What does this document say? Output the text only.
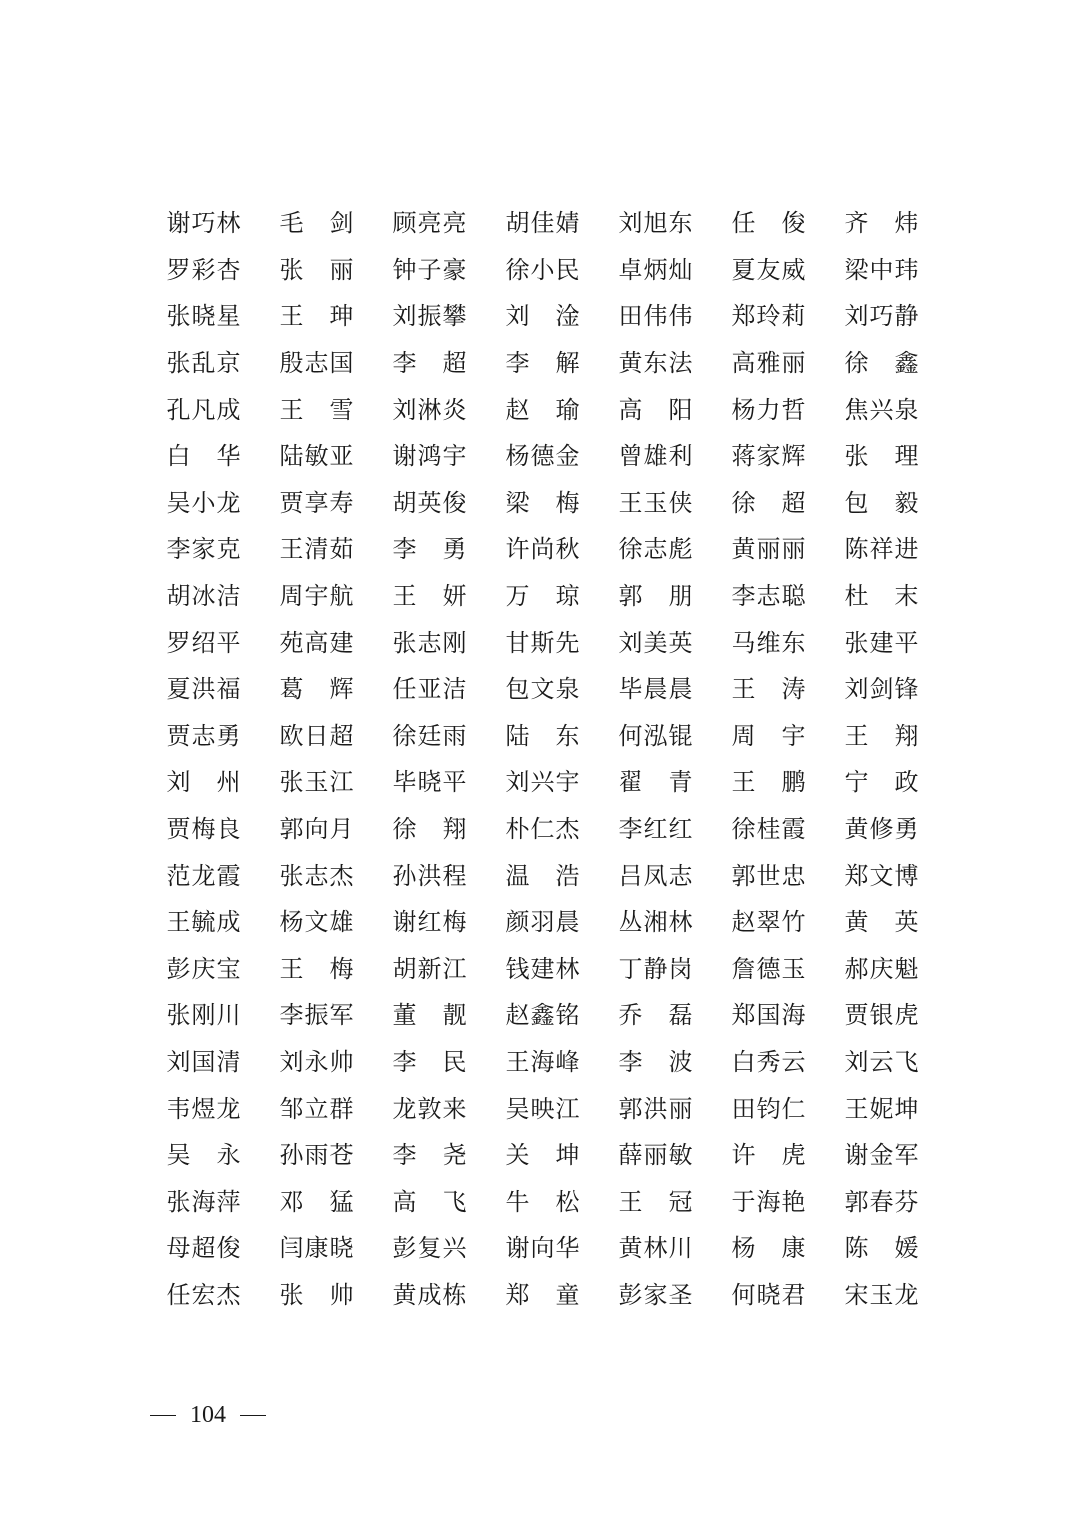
谢 巧 林 毛 剑 顾 亮 亮 胡 佳 婧 刘 旭 东 任 俊 齐 炜
罗 彩 杏 张 丽 钟 子 豪 徐 小 民 卓 炳 灿 夏 友 威 梁 中 玮
张 晓 星 王 珅 刘 振 攀 刘 淦 田 伟 伟 郑 玲 莉 刘 巧 静
张 乱 京 殷 志 国 李 超 李 解 黄 东 法 高 雅 丽 徐 鑫
孔 凡 成 王 雪 刘 淋 炎 赵 瑜 高 阳 杨 力 哲 焦 兴 泉
白 华 陆 敏 亚 谢 鸿 宇 杨 德 金 曾 雄 利 蒋 家 辉 张 理
吴 小 龙 贾 享 寿 胡 英 俊 梁 梅 王 玉 侠 徐 超 包 毅
李 家 克 王 清 茹 李 勇 许 尚 秋 徐 志 彪 黄 丽 丽 陈 祥 进
胡 冰 洁 周 宇 航 王 妍 万 琼 郭 朋 李 志 聪 杜 末
罗 绍 平 苑 高 建 张 志 刚 甘 斯 先 刘 美 英 马 维 东 张 建 平
夏 洪 福 葛 辉 任 亚 洁 包 文 泉 毕 晨 晨 王 涛 刘 剑 锋
贾 志 勇 欧 日 超 徐 廷 雨 陆 东 何 泓 锟 周 宇 王 翔
刘 州 张 玉 江 毕 晓 平 刘 兴 宇 翟 青 王 鹏 宁 政
贾 梅 良 郭 向 月 徐 翔 朴 仁 杰 李 红 红 徐 桂 霞 黄 修 勇
范 龙 霞 张 志 杰 孙 洪 程 温 浩 吕 凤 志 郭 世 忠 郑 文 博
王 毓 成 杨 文 雄 谢 红 梅 颜 羽 晨 丛 湘 林 赵 翠 竹 黄 英
彭 庆 宝 王 梅 胡 新 江 钱 建 林 丁 静 岗 詹 德 玉 郝 庆 魁
张 刚 川 李 振 军 董 靓 赵 鑫 铭 乔 磊 郑 国 海 贾 银 虎
刘 国 清 刘 永 帅 李 民 王 海 峰 李 波 白 秀 云 刘 云 飞
韦 煜 龙 邹 立 群 龙 敦 来 吴 映 江 郭 洪 丽 田 钧 仁 王 妮 坤
吴 永 孙 雨 苍 李 尧 关 坤 薛 丽 敏 许 虎 谢 金 军
张 海 萍 邓 猛 高 飞 牛 松 王 冠 于 海 艳 郭 春 芬
母 超 俊 闫 康 晓 彭 复 兴 谢 向 华 黄 林 川 杨 康 陈 媛
任 宏 杰 张 帅 黄 成 栋 郑 童 彭 家 圣 何 晓 君 宋 玉 龙
104
